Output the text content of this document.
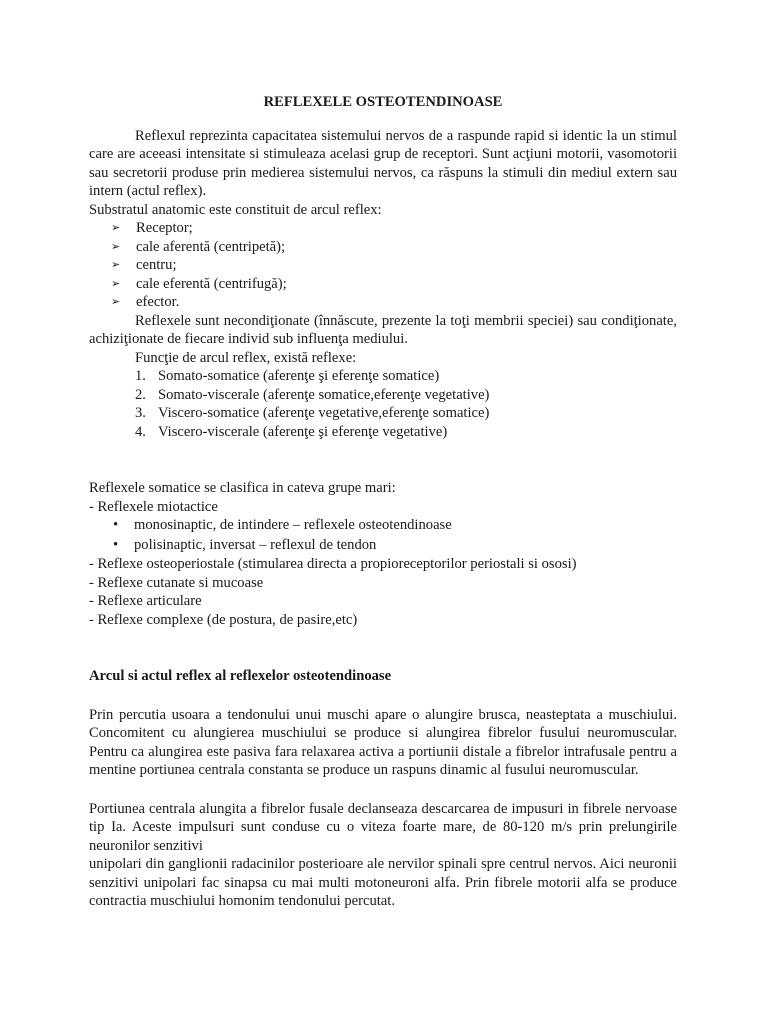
REFLEXELE OSTEOTENDINOASE

Reflexul reprezinta capacitatea sistemului nervos de a raspunde rapid si identic la un stimul care are aceeasi intensitate si stimuleaza acelasi grup de receptori. Sunt acţiuni motorii, vasomotorii sau secretorii produse prin medierea sistemului nervos, ca răspuns la stimuli din mediul extern sau intern (actul reflex).

Substratul anatomic este constituit de arcul reflex:

➢ Receptor;
➢ cale aferentă (centripetă);
➢ centru;
➢ cale eferentă (centrifugă);
➢ efector.

Reflexele sunt necondiţionate (înnăscute, prezente la toţi membrii speciei) sau condiţionate, achiziţionate de fiecare individ sub influenţa mediului.

Funcţie de arcul reflex, există reflexe:

1. Somato-somatice (aferenţe şi eferenţe somatice)
2. Somato-viscerale (aferenţe somatice,eferenţe vegetative)
3. Viscero-somatice (aferenţe vegetative,eferenţe somatice)
4. Viscero-viscerale (aferenţe şi eferenţe vegetative)

Reflexele somatice se clasifica in cateva grupe mari:

- Reflexele miotactice

• monosinaptic, de intindere – reflexele osteotendinoase
• polisinaptic, inversat – reflexul de tendon

- Reflexe osteoperiostale (stimularea directa a propioreceptorilor periostali si ososi)

- Reflexe cutanate si mucoase

- Reflexe articulare

- Reflexe complexe (de postura, de pasire,etc)

Arcul si actul reflex al reflexelor osteotendinoase

Prin percutia usoara a tendonului unui muschi apare o alungire brusca, neasteptata a muschiului. Concomitent cu alungierea muschiului se produce si alungirea fibrelor fusului neuromuscular. Pentru ca alungirea este pasiva fara relaxarea activa a portiunii distale a fibrelor intrafusale pentru a mentine portiunea centrala constanta se produce un raspuns dinamic al fusului neuromuscular.

Portiunea centrala alungita a fibrelor fusale declanseaza descarcarea de impusuri in fibrele nervoase tip Ia. Aceste impulsuri sunt conduse cu o viteza foarte mare, de 80-120 m/s prin prelungirile neuronilor senzitivi

unipolari din ganglionii radacinilor posterioare ale nervilor spinali spre centrul nervos. Aici neuronii senzitivi unipolari fac sinapsa cu mai multi motoneuroni alfa. Prin fibrele motorii alfa se produce contractia muschiului homonim tendonului percutat.
